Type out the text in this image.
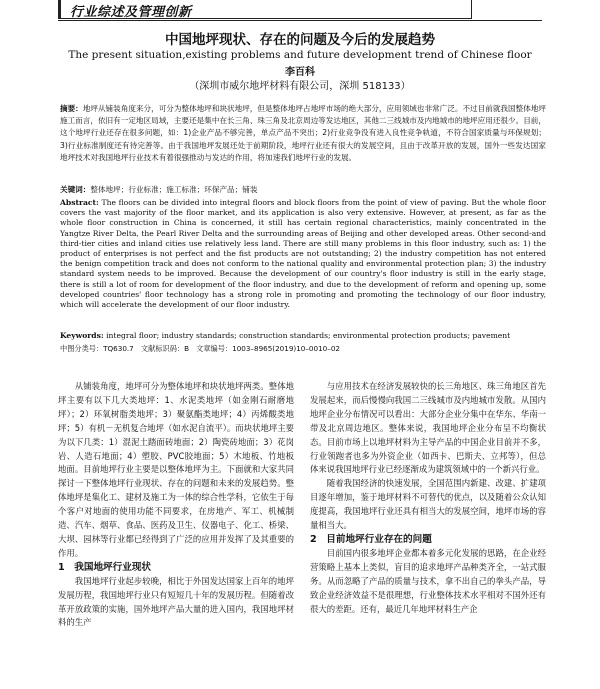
行业综述及管理创新
中国地坪现状、存在的问题及今后的发展趋势
The present situation,existing problems and future development trend of Chinese floor
李百科
（深圳市威尔地坪材料有限公司，深圳 518133）
摘要：地坪从铺装角度来分，可分为整体地坪和块状地坪，但是整体地坪占地坪市场的绝大部分，应用领域也非常广泛。不过目前就我国整体地坪施工而言，依旧有一定地区局域，主要还是集中在长三角、珠三角及北京周边等发达地区，其他二三线城市及内地城市的地坪应用还很少。目前，这个地坪行业还存在很多问题，如：1)企业产品不够完善，单点产品不突出；2)行业竞争没有进入良性竞争轨道，不符合国家质量与环保规划；3)行业标准制度还有待完善等。由于我国地坪发展还处于前期阶段，地坪行业还有很大的发展空间，且由于改革开放的发展，国外一些发达国家地坪技术对我国地坪行业技术有着很强推动与发达的作用，将加速我们地坪行业的发展。
关键词：整体地坪；行业标准；施工标准；环保产品；铺装
Abstract: The floors can be divided into integral floors and block floors from the point of view of paving. But the whole floor covers the vast majority of the floor market, and its application is also very extensive. However, at present, as far as the whole floor construction in China is concerned, it still has certain regional characteristics, mainly concentrated in the Yangtze River Delta, the Pearl River Delta and the surrounding areas of Beijing and other developed areas. Other second-and third-tier cities and inland cities use relatively less land. There are still many problems in this floor industry, such as: 1) the product of enterprises is not perfect and the fist products are not outstanding; 2) the industry competition has not entered the benign competition track and does not conform to the national quality and environmental protection plan; 3) the industry standard system needs to be improved. Because the development of our country's floor industry is still in the early stage, there is still a lot of room for development of the floor industry, and due to the development of reform and opening up, some developed countries' floor technology has a strong role in promoting and promoting the technology of our floor industry, which will accelerate the development of our floor industry.
Keywords: integral floor; industry standards; construction standards; environmental protection products; pavement
中图分类号：TQ630.7　文献标识码：B　文章编号：1003–8965(2019)10–0010–02

从铺装角度，地坪可分为整体地坪和块状地坪两类。整体地坪主要有以下几大类地坪：1、水泥类地坪（如金刚石耐磨地坪）；2）环氧树脂类地坪；3）聚氨酯类地坪；4）丙烯酸类地坪；5）有机－无机复合地坪（如水泥自流平）。而块状地坪主要为以下几类：1）混泥土踏面砖地面；2）陶瓷砖地面；3）花岗岩、人造石地面；4）塑胶、PVC胶地面；5）木地板、竹地板地面。目前地坪行业主要是以整体地坪为主。下面就和大家共同探讨一下整体地坪行业现状、存在的问题和未来的发展趋势。整体地坪是集化工、建材及施工为一体的综合性学科，它依生于每个客户对地面的使用功能不同要求，在房地产、军工、机械制造、汽车、烟草、食品、医药及卫生、仪器电子、化工、桥梁、大坝、园林等行业都已经得到了广泛的应用并发挥了及其重要的作用。

1　我国地坪行业现状

我国地坪行业起步较晚，相比于外国发达国家上百年的地坪发展历程，我国地坪行业只有短短几十年的发展历程。但随着改革开放政策的实施，国外地坪产品大量的进入国内，我国地坪材料的生产

与应用技术在经济发展较快的长三角地区、珠三角地区首先发展起来，而后慢慢向我国二三线城市及内地城市发散。从国内地坪企业分布情况可以看出：大部分企业分集中在华东、华南一带及北京周边地区。整体来说，我国地坪企业分布呈不均衡状态。目前市场上以地坪材料为主导产品的中国企业目前并不多，行业领跑者也多为外资企业（如西卡、巴斯夫、立邦等），但总体来说我国地坪行业已经逐渐成为建筑领域中的一个新兴行业。

随着我国经济的快速发展，全国范围内新建、改建、扩建项目逐年增加，鉴于地坪材料不可替代的优点，以及随着公众认知度提高，我国地坪行业还具有相当大的发展空间，地坪市场的容量相当大。

2　目前地坪行业存在的问题

目前国内很多地坪企业都本着多元化发展的思路，在企业经营策略上基本上类似，盲目的追求地坪产品种类齐全，一站式服务。从而忽略了产品的质量与技术，拿不出自己的拳头产品，导致企业经济效益不是很理想，行业整体技术水平相对不国外还有很大的差距。还有，最近几年地坪材料生产企
